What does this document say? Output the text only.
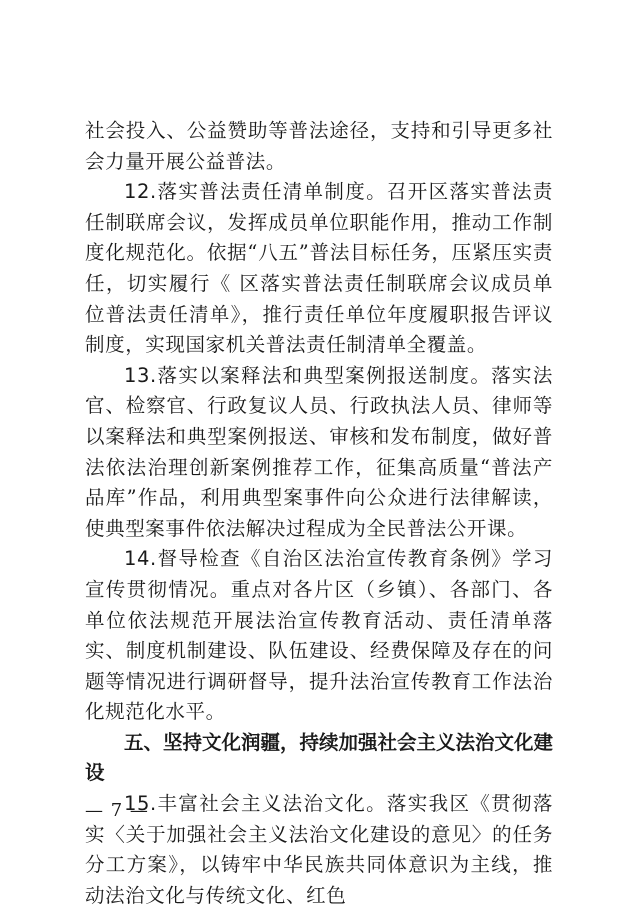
社会投入、公益赞助等普法途径，支持和引导更多社会力量开展公益普法。

12.落实普法责任清单制度。召开区落实普法责任制联席会议，发挥成员单位职能作用，推动工作制度化规范化。依据“八五”普法目标任务，压紧压实责任，切实履行《 区落实普法责任制联席会议成员单位普法责任清单》，推行责任单位年度履职报告评议制度，实现国家机关普法责任制清单全覆盖。

13.落实以案释法和典型案例报送制度。落实法官、检察官、行政复议人员、行政执法人员、律师等以案释法和典型案例报送、审核和发布制度，做好普法依法治理创新案例推荐工作，征集高质量“普法产品库”作品，利用典型案事件向公众进行法律解读，使典型案事件依法解决过程成为全民普法公开课。

14.督导检查《自治区法治宣传教育条例》学习宣传贯彻情况。重点对各片区（乡镇）、各部门、各单位依法规范开展法治宣传教育活动、责任清单落实、制度机制建设、队伍建设、经费保障及存在的问题等情况进行调研督导，提升法治宣传教育工作法治化规范化水平。

五、坚持文化润疆，持续加强社会主义法治文化建设

15.丰富社会主义法治文化。落实我区《贯彻落实〈关于加强社会主义法治文化建设的意见〉的任务分工方案》，以铸牢中华民族共同体意识为主线，推动法治文化与传统文化、红色

— 7 —
